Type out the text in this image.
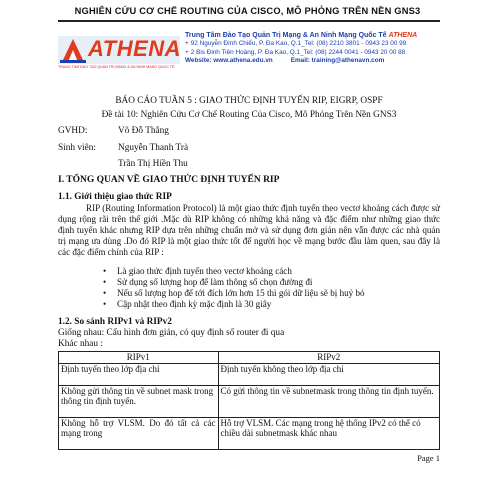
NGHIÊN CỨU CƠ CHẾ ROUTING CỦA CISCO, MÔ PHỎNG TRÊN NỀN GNS3
ATHENA
TRUNG TÂM ĐÀO TẠO QUẢN TRỊ MẠNG & AN NINH MẠNG QUỐC TẾ
Trung Tâm Đào Tạo Quản Trị Mạng & An Ninh Mạng Quốc Tế ATHENA
+ 92 Nguyễn Đình Chiểu, P. Đa Kao, Q.1_Tel: (08) 2210 3801 - 0943 23 00 99
+ 2 Bis Đinh Tiên Hoàng, P. Đa Kao, Q.1_Tel: (08) 2244 0041 - 0943 20 00 88
Website: www.athena.edu.vn	Email: training@athenavn.com
BÁO CÁO TUẦN 5 : GIAO THỨC ĐỊNH TUYẾN RIP, EIGRP, OSPF
Đề tài 10: Nghiên Cứu Cơ Chế Routing Của Cisco, Mô Phỏng Trên Nền GNS3
GVHD:	Võ Đỗ Thắng
Sinh viên: Nguyễn Thanh Trà
Trần Thị Hiền Thu
I. TỔNG QUAN VỀ GIAO THỨC ĐỊNH TUYẾN RIP
1.1. Giới thiệu giao thức RIP
RIP (Routing Information Protocol) là một giao thức định tuyến theo vectơ khoảng cách được sử dụng rộng rãi trên thế giới .Mặc dù RIP không có những khả năng và đặc điểm như những giao thức định tuyến khác nhưng RIP dựa trên những chuẩn mở và sử dụng đơn giản nên vẫn được các nhà quản trị mạng ưa dùng .Do đó RIP là một giao thức tốt để người học về mạng bước đầu làm quen, sau đây là các đặc điểm chính của RIP :
• Là giao thức định tuyến theo vectơ khoảng cách
• Sử dụng số lượng hop để làm thông số chọn đường đi
• Nếu số lượng hop để tới đích lớn hơn 15 thì gói dữ liệu sẽ bị huỷ bỏ
• Cập nhật theo định kỳ mặc định là 30 giây
1.2. So sánh RIPv1 và RIPv2
Giống nhau: Cấu hình đơn giản, có quy định số router đi qua
Khác nhau :
RIPv1	RIPv2
Định tuyến theo lớp địa chỉ	Định tuyến không theo lớp địa chỉ
Không gửi thông tin về subnet mask trong thông tin định tuyến.	Có gửi thông tin về subnetmask trong thông tin định tuyến.
Không hỗ trợ VLSM. Do đó tất cả các mạng trong	Hỗ trợ VLSM. Các mạng trong hệ thống IPv2 có thể có chiều dài subnetmask khác nhau
Page 1
